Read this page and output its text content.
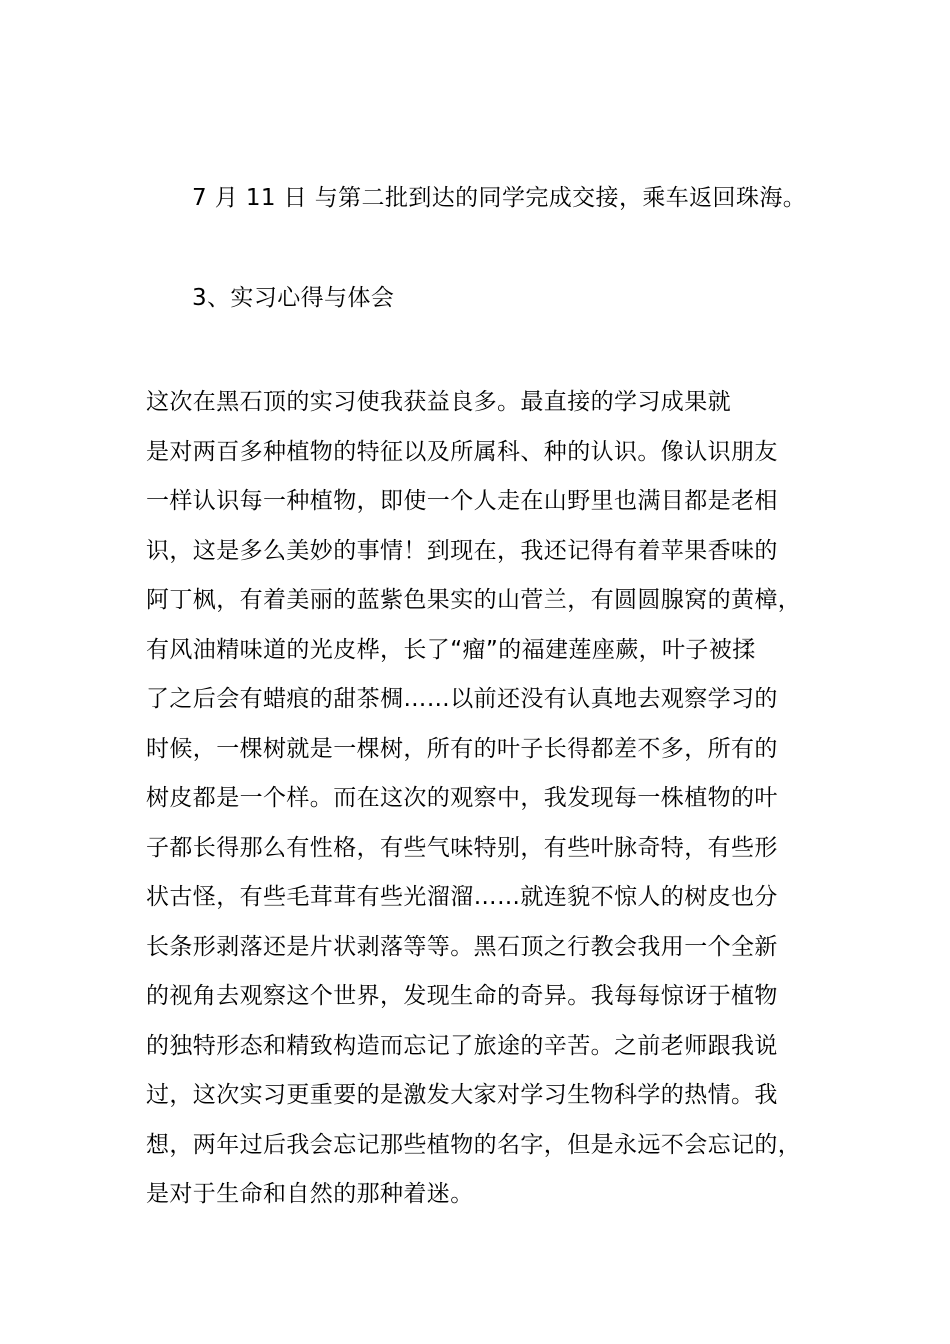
7 月 11 日 与第二批到达的同学完成交接，乘车返回珠海。
3、实习心得与体会
这次在黑石顶的实习使我获益良多。最直接的学习成果就
是对两百多种植物的特征以及所属科、种的认识。像认识朋友
一样认识每一种植物，即使一个人走在山野里也满目都是老相
识，这是多么美妙的事情！到现在，我还记得有着苹果香味的
阿丁枫，有着美丽的蓝紫色果实的山菅兰，有圆圆腺窝的黄樟，
有风油精味道的光皮桦，长了“瘤”的福建莲座蕨，叶子被揉
了之后会有蜡痕的甜茶椆……以前还没有认真地去观察学习的
时候，一棵树就是一棵树，所有的叶子长得都差不多，所有的
树皮都是一个样。而在这次的观察中，我发现每一株植物的叶
子都长得那么有性格，有些气味特别，有些叶脉奇特，有些形
状古怪，有些毛茸茸有些光溜溜……就连貌不惊人的树皮也分
长条形剥落还是片状剥落等等。黑石顶之行教会我用一个全新
的视角去观察这个世界，发现生命的奇异。我每每惊讶于植物
的独特形态和精致构造而忘记了旅途的辛苦。之前老师跟我说
过，这次实习更重要的是激发大家对学习生物科学的热情。我
想，两年过后我会忘记那些植物的名字，但是永远不会忘记的，
是对于生命和自然的那种着迷。
